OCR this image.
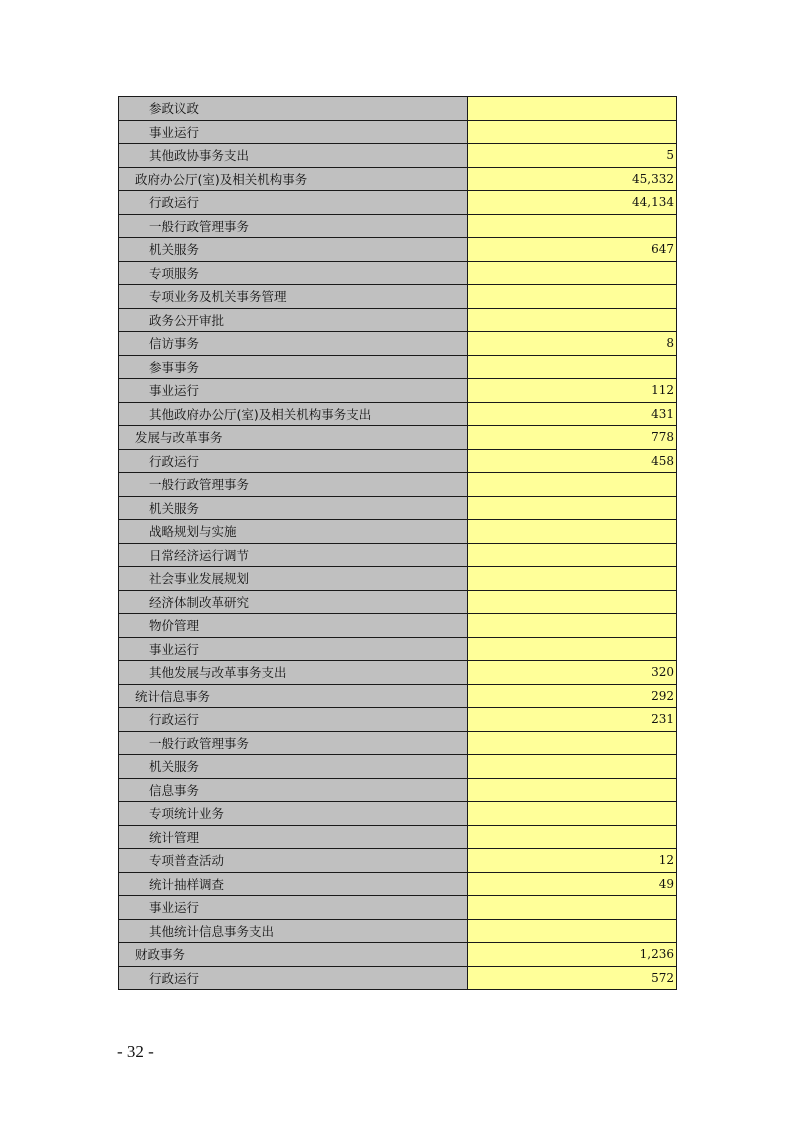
参政议政	
事业运行	
其他政协事务支出	5
政府办公厅(室)及相关机构事务	45,332
行政运行	44,134
一般行政管理事务	
机关服务	647
专项服务	
专项业务及机关事务管理	
政务公开审批	
信访事务	8
参事事务	
事业运行	112
其他政府办公厅(室)及相关机构事务支出	431
发展与改革事务	778
行政运行	458
一般行政管理事务	
机关服务	
战略规划与实施	
日常经济运行调节	
社会事业发展规划	
经济体制改革研究	
物价管理	
事业运行	
其他发展与改革事务支出	320
统计信息事务	292
行政运行	231
一般行政管理事务	
机关服务	
信息事务	
专项统计业务	
统计管理	
专项普查活动	12
统计抽样调查	49
事业运行	
其他统计信息事务支出	
财政事务	1,236
行政运行	572
- 32 -
